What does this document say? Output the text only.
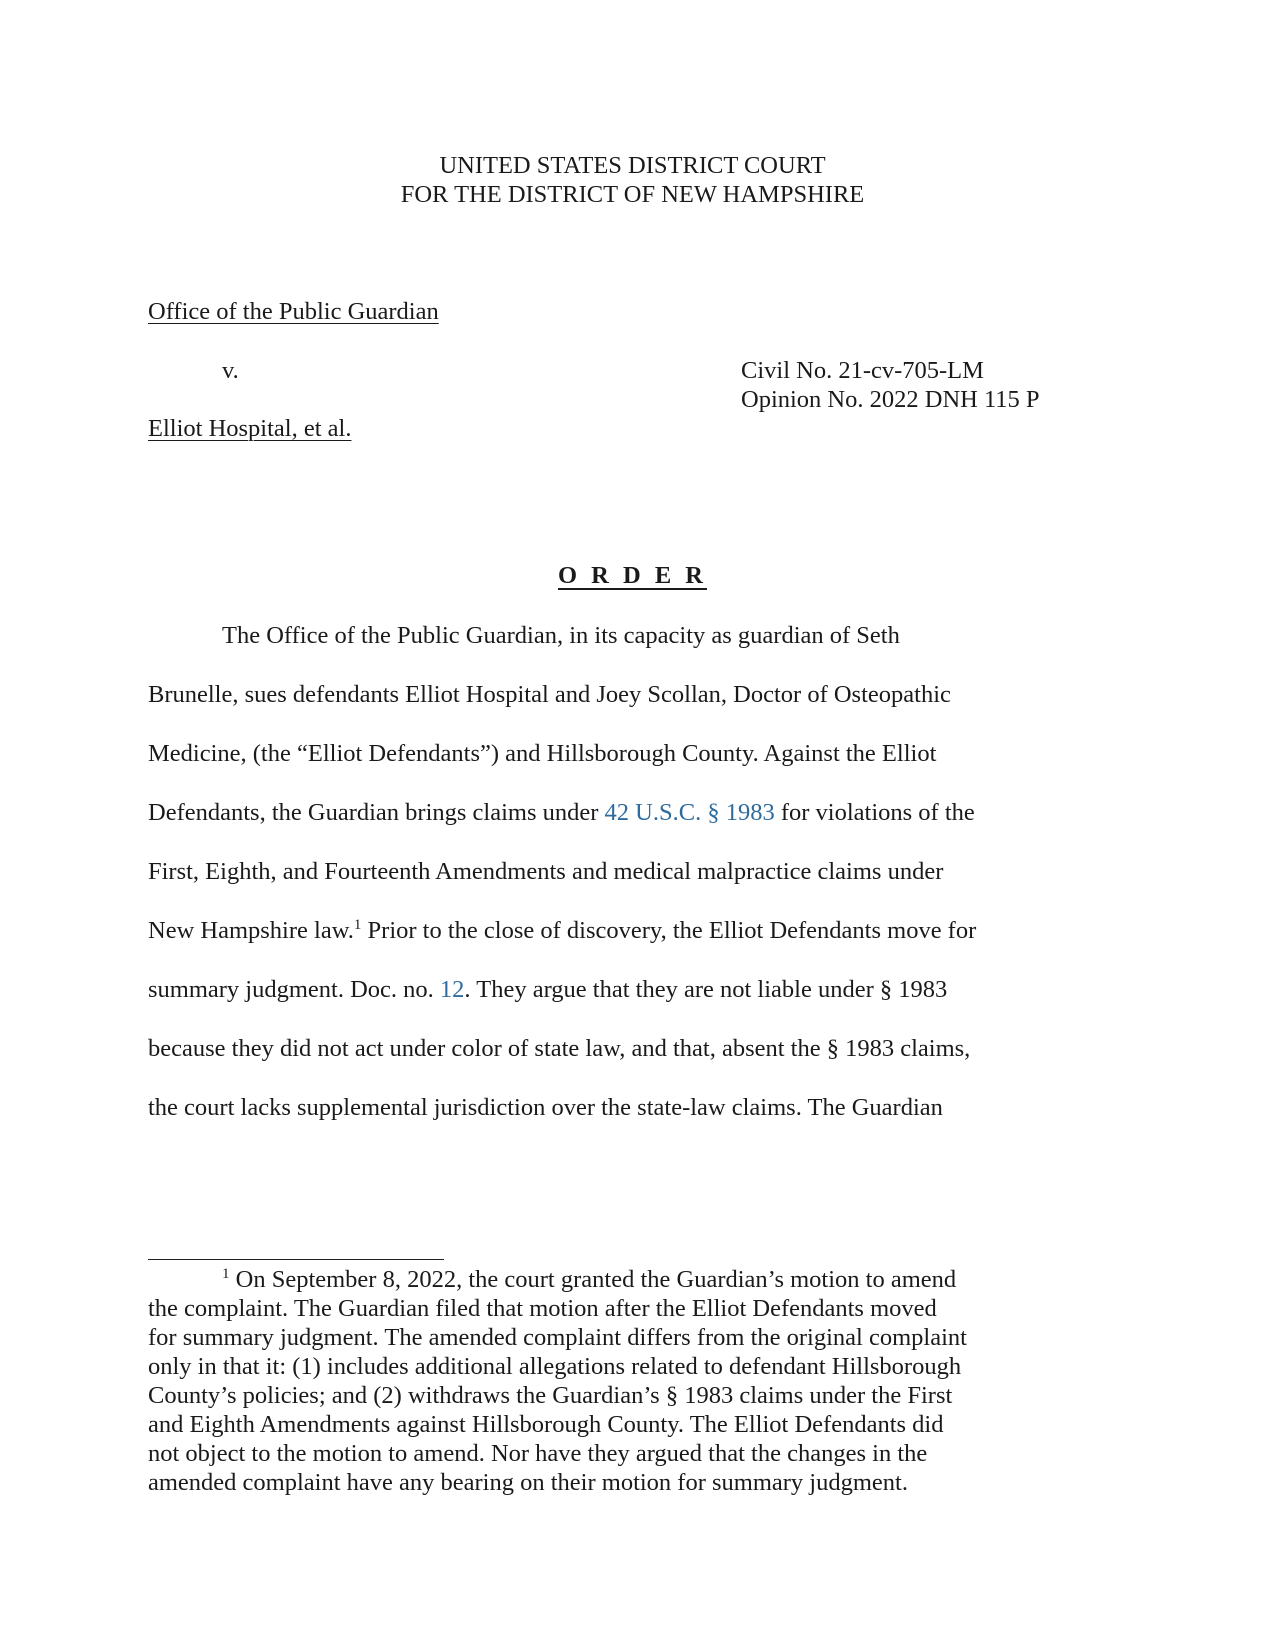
UNITED STATES DISTRICT COURT
FOR THE DISTRICT OF NEW HAMPSHIRE
Office of the Public Guardian
v.
Elliot Hospital, et al.
Civil No. 21-cv-705-LM
Opinion No. 2022 DNH 115 P
O R D E R
The Office of the Public Guardian, in its capacity as guardian of Seth
Brunelle, sues defendants Elliot Hospital and Joey Scollan, Doctor of Osteopathic
Medicine, (the “Elliot Defendants”) and Hillsborough County. Against the Elliot
Defendants, the Guardian brings claims under 42 U.S.C. § 1983 for violations of the
First, Eighth, and Fourteenth Amendments and medical malpractice claims under
New Hampshire law.$^1$ Prior to the close of discovery, the Elliot Defendants move for
summary judgment. Doc. no. 12. They argue that they are not liable under § 1983
because they did not act under color of state law, and that, absent the § 1983 claims,
the court lacks supplemental jurisdiction over the state-law claims. The Guardian
$^1$ On September 8, 2022, the court granted the Guardian’s motion to amend
the complaint. The Guardian filed that motion after the Elliot Defendants moved
for summary judgment. The amended complaint differs from the original complaint
only in that it: (1) includes additional allegations related to defendant Hillsborough
County’s policies; and (2) withdraws the Guardian’s § 1983 claims under the First
and Eighth Amendments against Hillsborough County. The Elliot Defendants did
not object to the motion to amend. Nor have they argued that the changes in the
amended complaint have any bearing on their motion for summary judgment.
